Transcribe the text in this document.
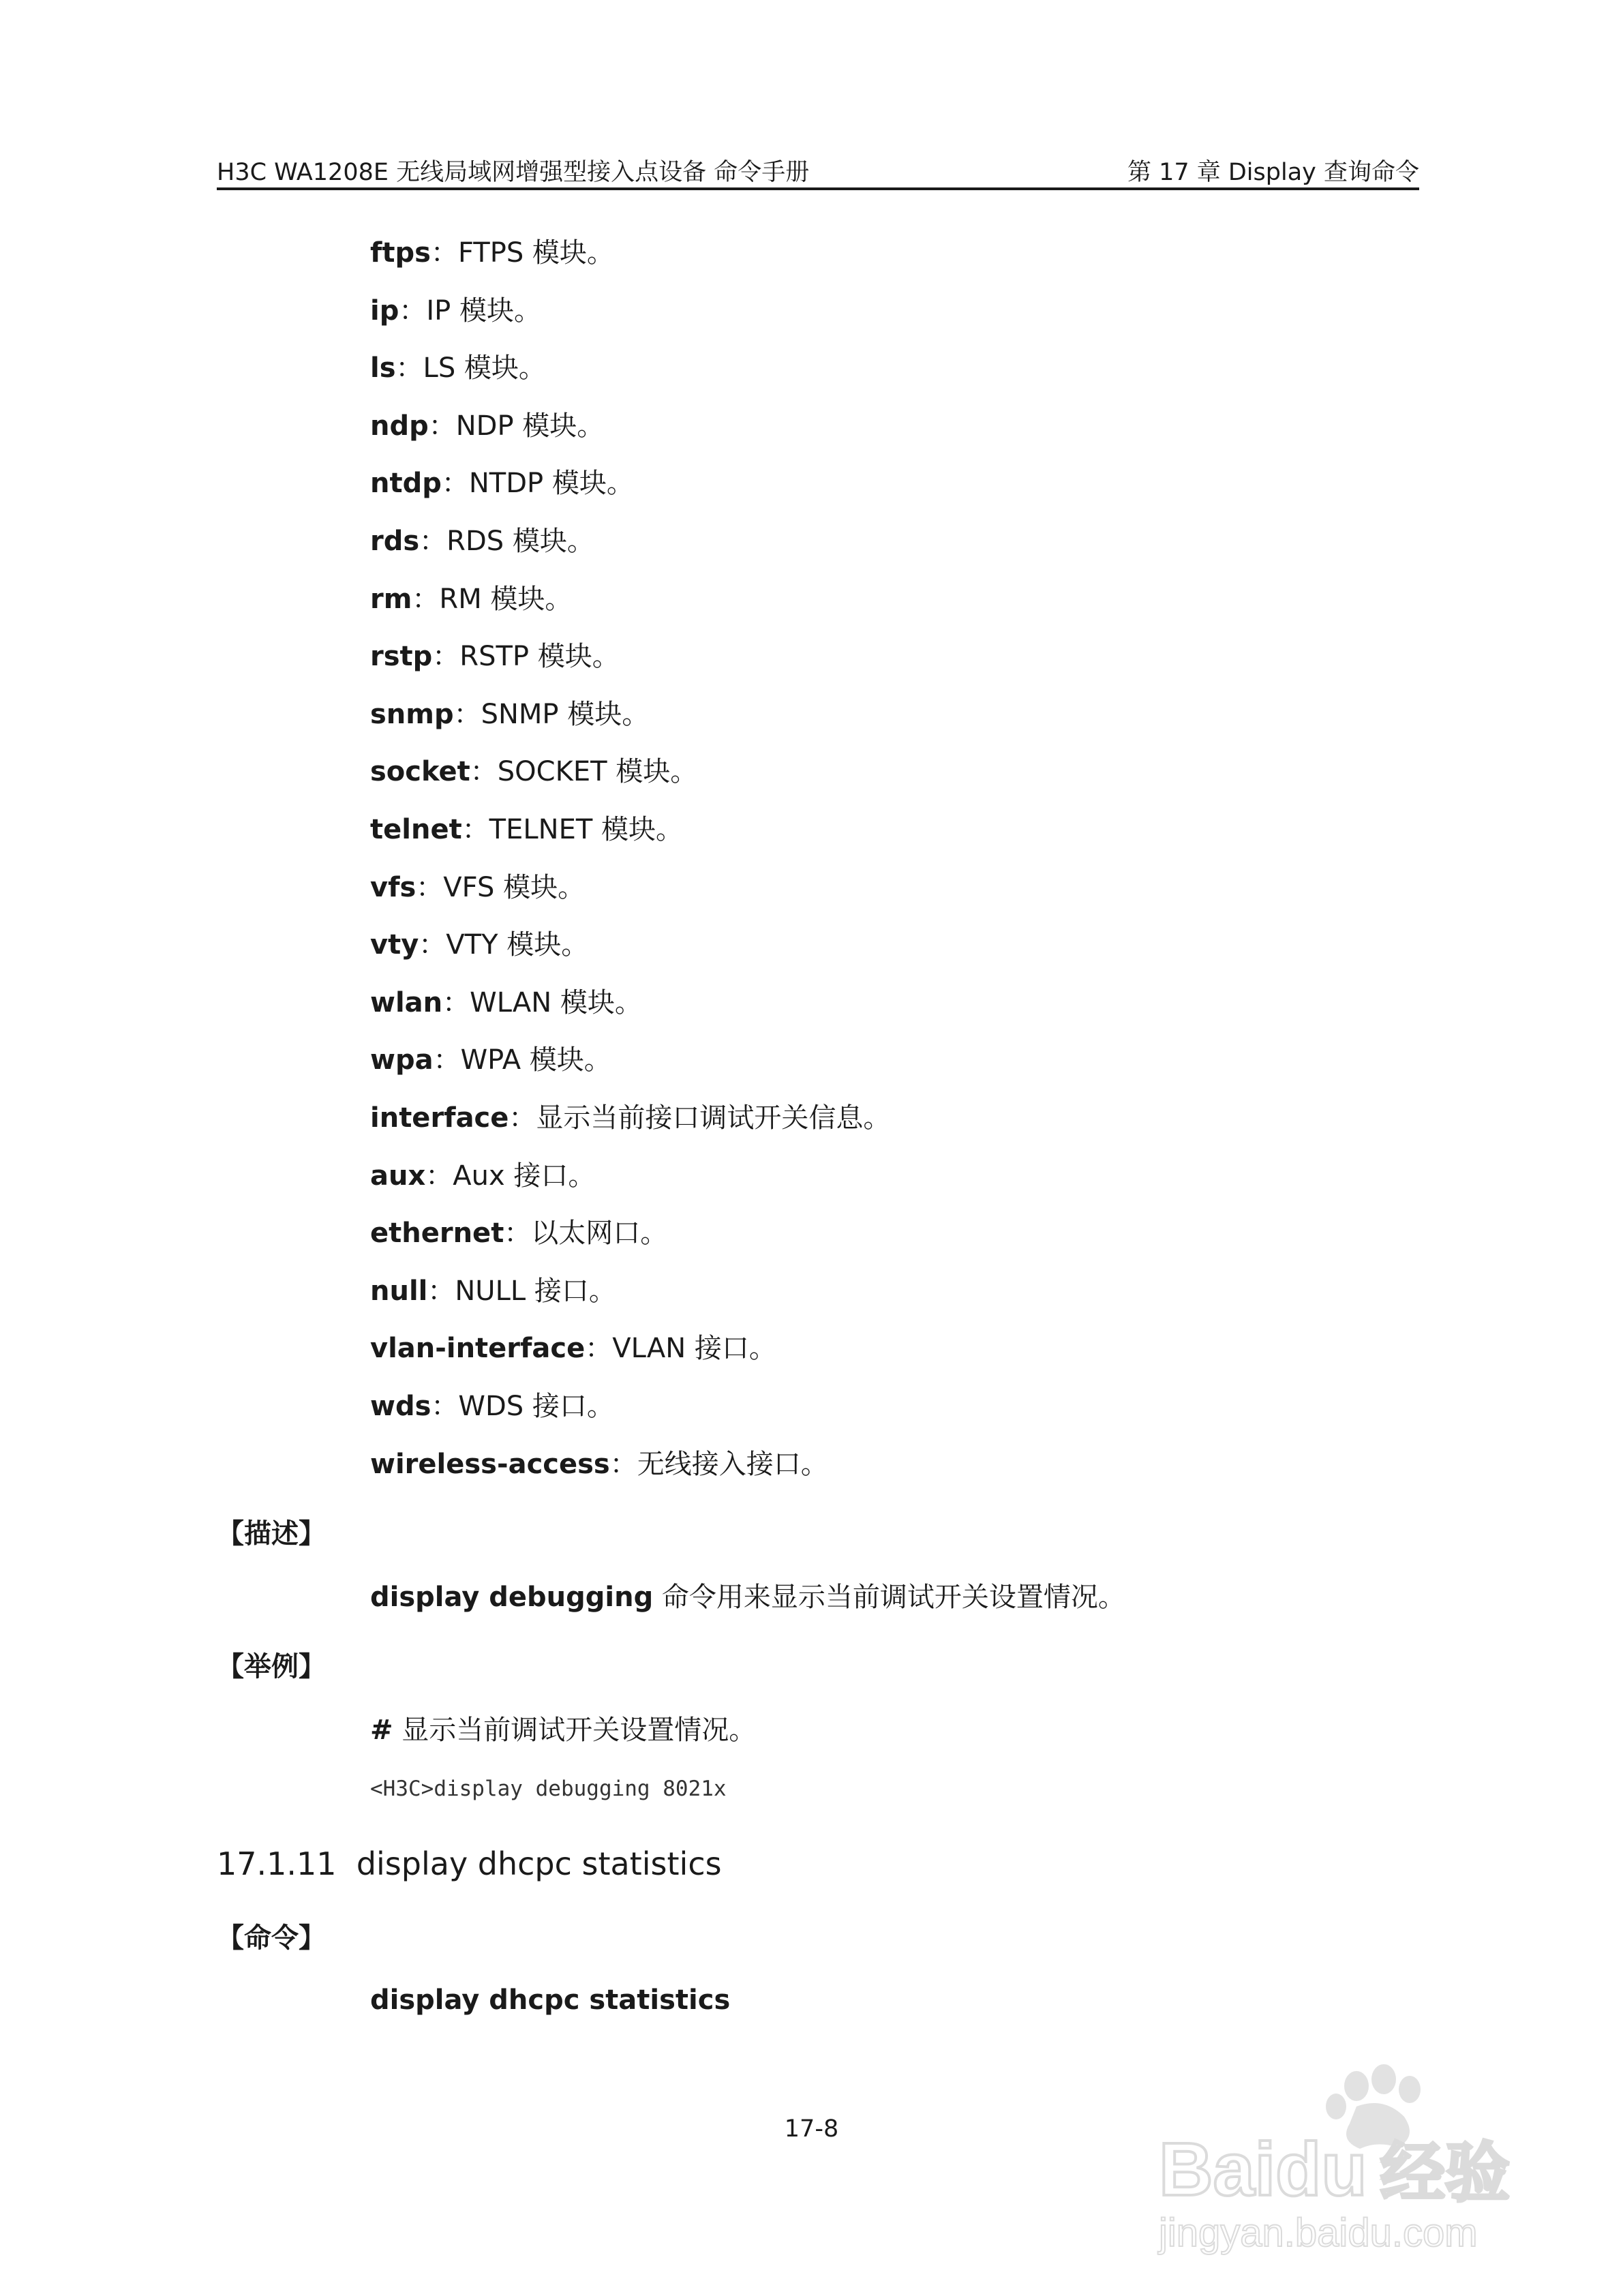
H3C WA1208E 无线局域网增强型接入点设备 命令手册	第 17 章 Display 查询命令
ftps：FTPS 模块。
ip：IP 模块。
ls：LS 模块。
ndp：NDP 模块。
ntdp：NTDP 模块。
rds：RDS 模块。
rm：RM 模块。
rstp：RSTP 模块。
snmp：SNMP 模块。
socket：SOCKET 模块。
telnet：TELNET 模块。
vfs：VFS 模块。
vty：VTY 模块。
wlan：WLAN 模块。
wpa：WPA 模块。
interface：显示当前接口调试开关信息。
aux：Aux 接口。
ethernet：以太网口。
null：NULL 接口。
vlan-interface：VLAN 接口。
wds：WDS 接口。
wireless-access：无线接入接口。
【描述】
display debugging 命令用来显示当前调试开关设置情况。
【举例】
# 显示当前调试开关设置情况。
<H3C>display debugging 8021x
17.1.11 display dhcpc statistics
【命令】
display dhcpc statistics
17-8	Baidu 经验
jingyan.baidu.com
